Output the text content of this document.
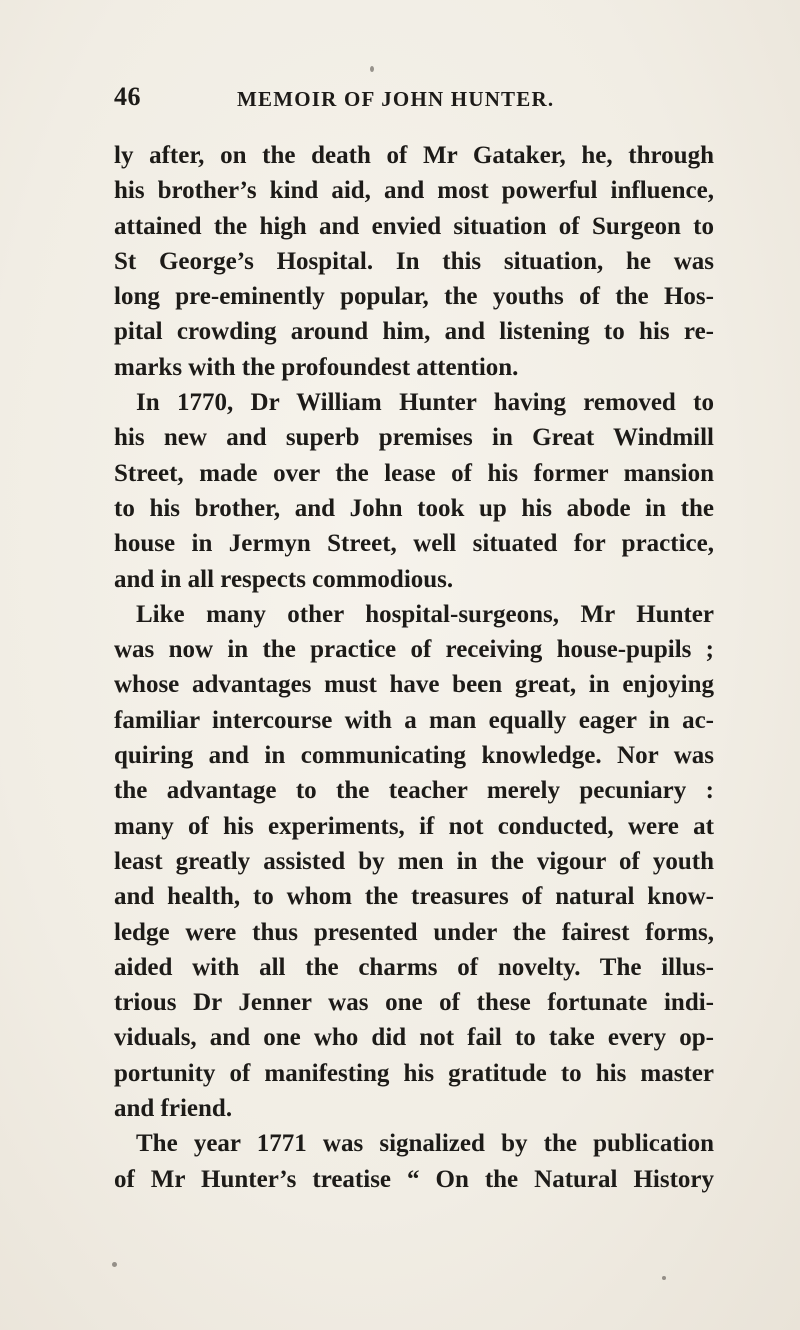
46	MEMOIR OF JOHN HUNTER.
ly after, on the death of Mr Gataker, he, through
his brother’s kind aid, and most powerful influence,
attained the high and envied situation of Surgeon to
St George’s Hospital. In this situation, he was
long pre-eminently popular, the youths of the Hos-
pital crowding around him, and listening to his re-
marks with the profoundest attention.
In 1770, Dr William Hunter having removed to
his new and superb premises in Great Windmill
Street, made over the lease of his former mansion
to his brother, and John took up his abode in the
house in Jermyn Street, well situated for practice,
and in all respects commodious.
Like many other hospital-surgeons, Mr Hunter
was now in the practice of receiving house-pupils ;
whose advantages must have been great, in enjoying
familiar intercourse with a man equally eager in ac-
quiring and in communicating knowledge. Nor was
the advantage to the teacher merely pecuniary :
many of his experiments, if not conducted, were at
least greatly assisted by men in the vigour of youth
and health, to whom the treasures of natural know-
ledge were thus presented under the fairest forms,
aided with all the charms of novelty. The illus-
trious Dr Jenner was one of these fortunate indi-
viduals, and one who did not fail to take every op-
portunity of manifesting his gratitude to his master
and friend.
The year 1771 was signalized by the publication
of Mr Hunter’s treatise “ On the Natural History
